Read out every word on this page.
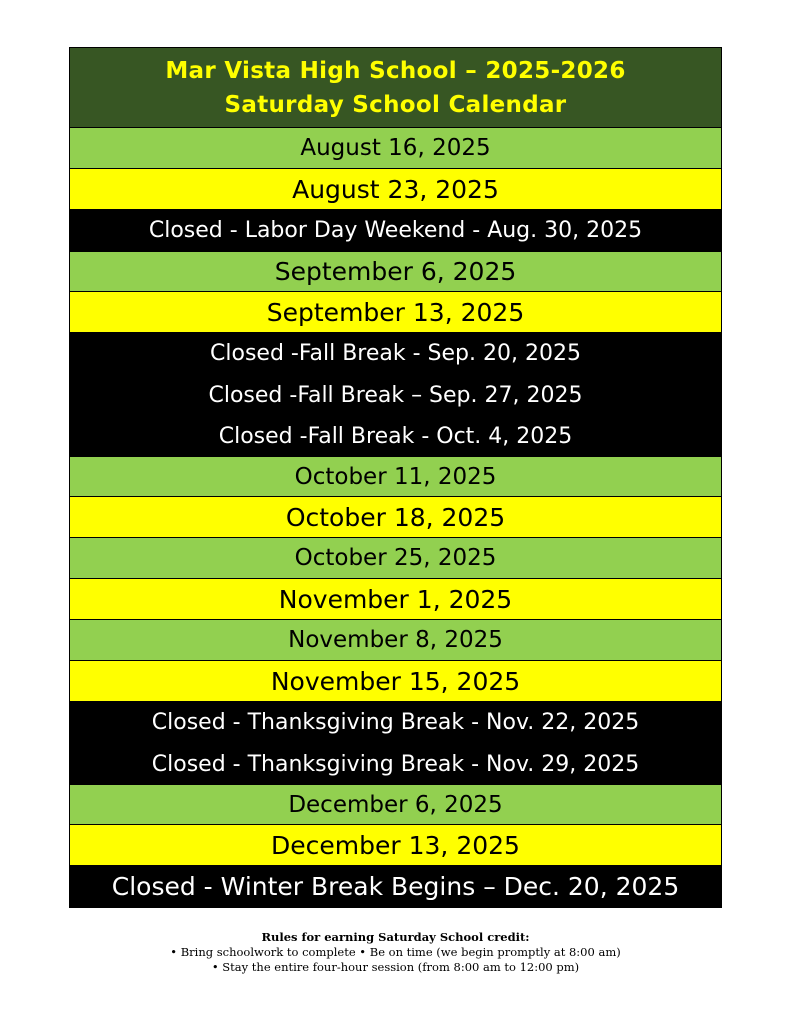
Mar Vista High School – 2025-2026
Saturday School Calendar
August 16, 2025
August 23, 2025
Closed - Labor Day Weekend - Aug. 30, 2025
September 6, 2025
September 13, 2025
Closed -Fall Break - Sep. 20, 2025
Closed -Fall Break – Sep. 27, 2025
Closed -Fall Break - Oct. 4, 2025
October 11, 2025
October 18, 2025
October 25, 2025
November 1, 2025
November 8, 2025
November 15, 2025
Closed - Thanksgiving Break - Nov. 22, 2025
Closed - Thanksgiving Break - Nov. 29, 2025
December 6, 2025
December 13, 2025
Closed - Winter Break Begins – Dec. 20, 2025
Rules for earning Saturday School credit:
• Bring schoolwork to complete • Be on time (we begin promptly at 8:00 am)
• Stay the entire four-hour session (from 8:00 am to 12:00 pm)
